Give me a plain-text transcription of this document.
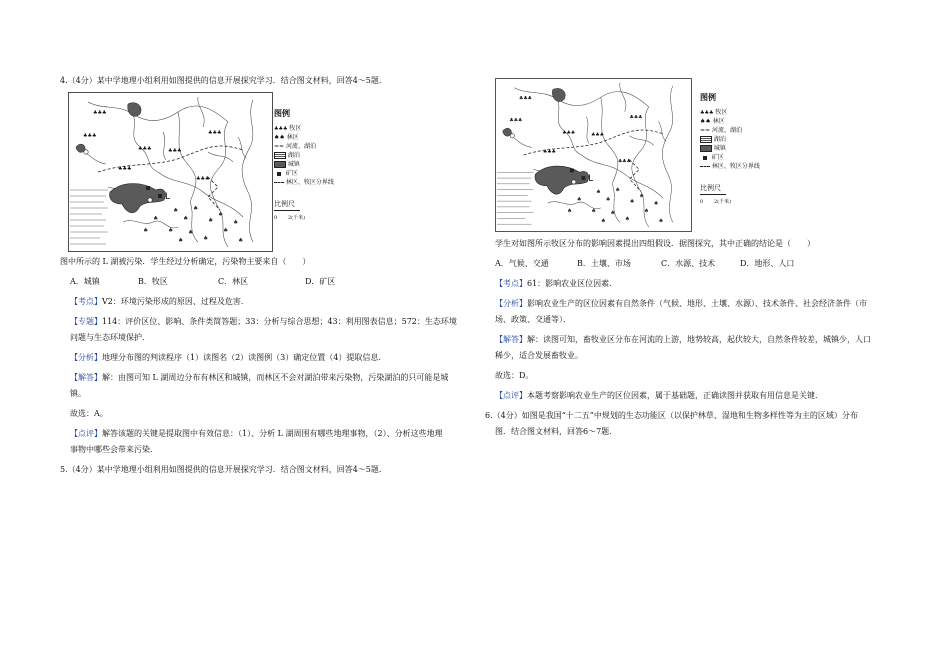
4.（4分）某中学地理小组利用如图提供的信息开展探究学习．结合图文材料，回答4～5题．
图例
♣♣♣ 牧区
♠♠ 林区
≈≈ 河流、湖泊
湖泊
城镇
矿区
林区、牧区分界线
比例尺
0 2(千米)
图中所示的 L 湖被污染．学生经过分析确定，污染物主要来自（　　）
A．城镇	B．牧区	C．林区	D．矿区
【考点】V2：环境污染形成的原因、过程及危害．
【专题】114：评价区位、影响、条件类简答题；33：分析与综合思想；43：利用图表信息；572：生态环境
问题与生态环境保护．
【分析】地理分布图的判读程序（1）读图名（2）读图例（3）确定位置（4）提取信息．
【解答】解：由图可知 L 湖周边分布有林区和城镇，而林区不会对湖泊带来污染物，污染湖泊的只可能是城
镇。
故选：A。
【点评】解答该题的关键是提取图中有效信息：（1）、分析 L 湖周围有哪些地理事物，（2）、分析这些地理
事物中哪些会带来污染．
5.（4分）某中学地理小组利用如图提供的信息开展探究学习．结合图文材料，回答4～5题．
图例
♣♣♣ 牧区
♠♠ 林区
≈≈ 河流、湖泊
湖泊
城镇
矿区
林区、牧区分界线
比例尺
0 2(千米)
学生对如图所示牧区分布的影响因素提出四组假设．据图探究，其中正确的结论是（　　）
A．气候、交通	B．土壤、市场	C．水源、技术	D．地形、人口
【考点】61：影响农业区位因素．
【分析】影响农业生产的区位因素有自然条件（气候、地形、土壤、水源）、技术条件、社会经济条件（市
场、政策、交通等）．
【解答】解：读图可知，畜牧业区分布在河流的上游，地势较高，起伏较大，自然条件较差，城镇少，人口
稀少，适合发展畜牧业。
故选：D。
【点评】本题考察影响农业生产的区位因素，属于基础题，正确读图并获取有用信息是关键．
6.（4分）如图是我国“十二五”中规划的生态功能区（以保护林草、湿地和生物多样性等为主的区域）分布
图．结合图文材料，回答6～7题．
